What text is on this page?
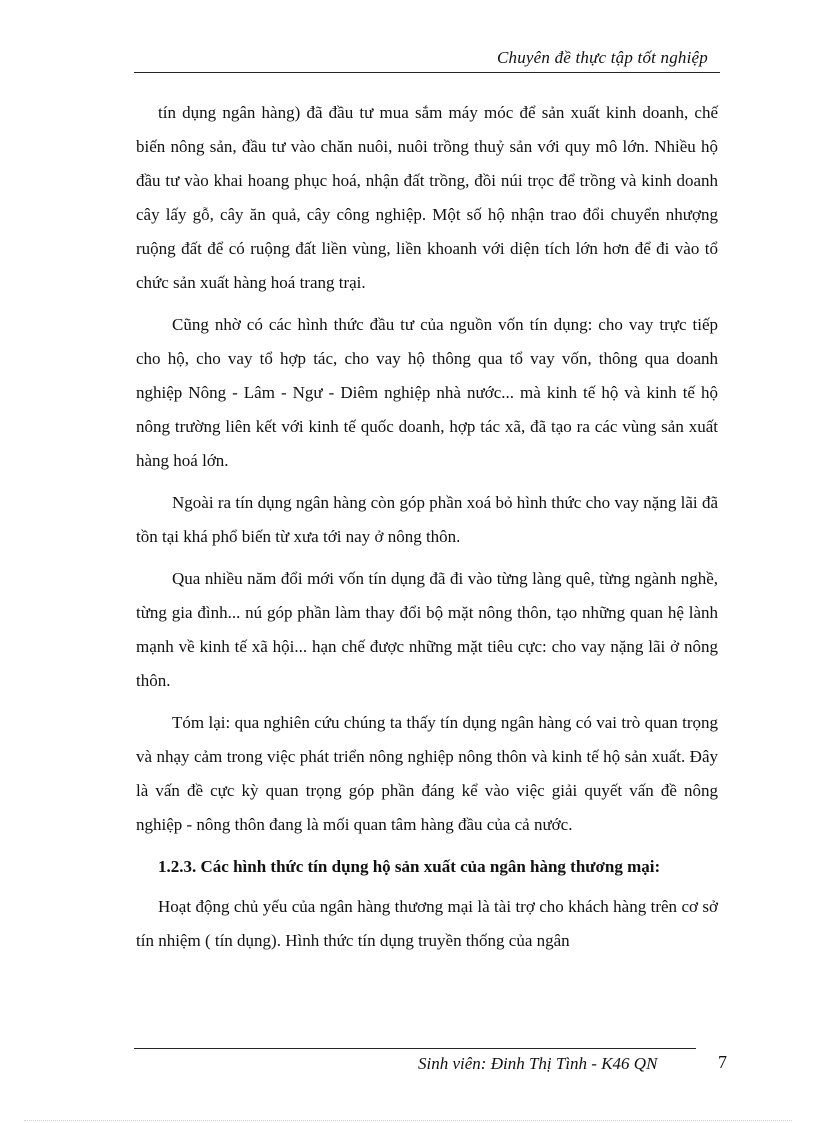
Chuyên đề thực tập tốt nghiệp

tín dụng ngân hàng) đã đầu tư mua sắm máy móc để sản xuất kinh doanh, chế biến nông sản, đầu tư vào chăn nuôi, nuôi trồng thuỷ sản với quy mô lớn. Nhiều hộ đầu tư vào khai hoang phục hoá, nhận đất trồng, đồi núi trọc để trồng và kinh doanh cây lấy gỗ, cây ăn quả, cây công nghiệp. Một số hộ nhận trao đổi chuyển nhượng ruộng đất để có ruộng đất liền vùng, liền khoanh với diện tích lớn hơn để đi vào tổ chức sản xuất hàng hoá trang trại.

Cũng nhờ có các hình thức đầu tư của nguồn vốn tín dụng: cho vay trực tiếp cho hộ, cho vay tổ hợp tác, cho vay hộ thông qua tổ vay vốn, thông qua doanh nghiệp Nông - Lâm - Ngư - Diêm nghiệp nhà nước... mà kinh tế hộ và kinh tế hộ nông trường liên kết với kinh tế quốc doanh, hợp tác xã, đã tạo ra các vùng sản xuất hàng hoá lớn.

Ngoài ra tín dụng ngân hàng còn góp phần xoá bỏ hình thức cho vay nặng lãi đã tồn tại khá phổ biến từ xưa tới nay ở nông thôn.

Qua nhiều năm đổi mới vốn tín dụng đã đi vào từng làng quê, từng ngành nghề, từng gia đình... nú góp phần làm thay đổi bộ mặt nông thôn, tạo những quan hệ lành mạnh về kinh tế xã hội... hạn chế được những mặt tiêu cực: cho vay nặng lãi ở nông thôn.

Tóm lại: qua nghiên cứu chúng ta thấy tín dụng ngân hàng có vai trò quan trọng và nhạy cảm trong việc phát triển nông nghiệp nông thôn và kinh tế hộ sản xuất. Đây là vấn đề cực kỳ quan trọng góp phần đáng kể vào việc giải quyết vấn đề nông nghiệp - nông thôn đang là mối quan tâm hàng đầu của cả nước.

1.2.3. Các hình thức tín dụng hộ sản xuất của ngân hàng thương mại:

Hoạt động chủ yếu của ngân hàng thương mại là tài trợ cho khách hàng trên cơ sở tín nhiệm ( tín dụng). Hình thức tín dụng truyền thống của ngân

Sinh viên: Đinh Thị Tình - K46 QN	7
